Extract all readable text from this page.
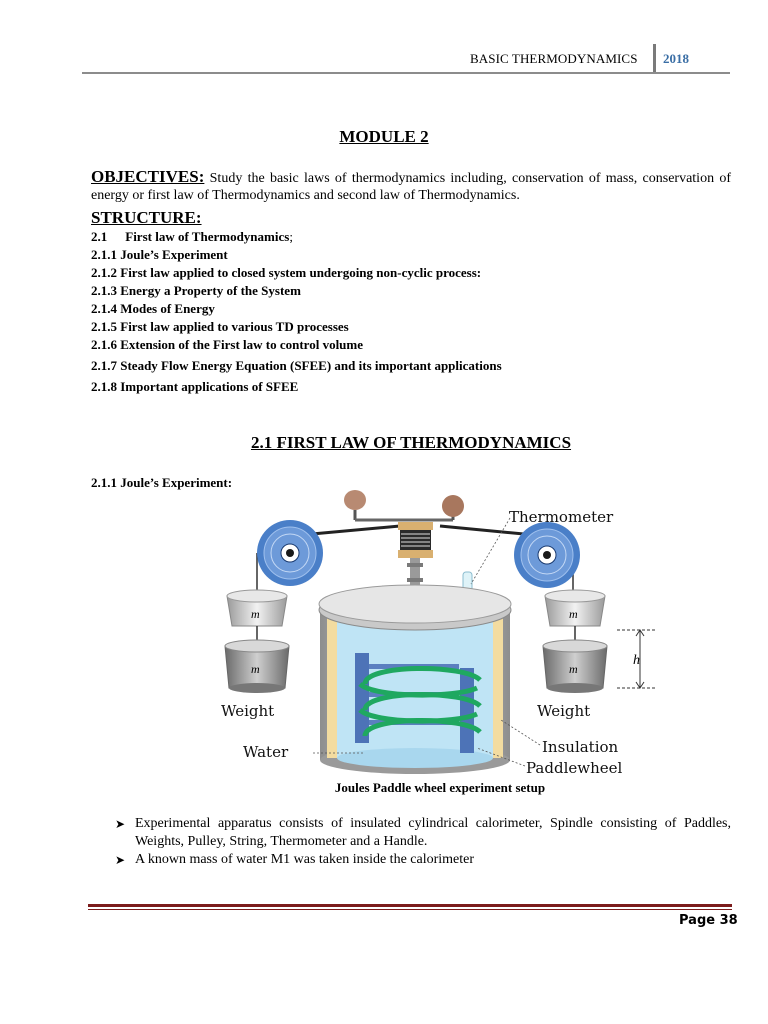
BASIC THERMODYNAMICS 2018
MODULE 2
OBJECTIVES: Study the basic laws of thermodynamics including, conservation of mass, conservation of energy or first law of Thermodynamics and second law of Thermodynamics.
STRUCTURE:
2.1 First law of Thermodynamics;
2.1.1 Joule’s Experiment
2.1.2 First law applied to closed system undergoing non-cyclic process:
2.1.3 Energy a Property of the System
2.1.4 Modes of Energy
2.1.5 First law applied to various TD processes
2.1.6 Extension of the First law to control volume
2.1.7 Steady Flow Energy Equation (SFEE) and its important applications
2.1.8 Important applications of SFEE
2.1 FIRST LAW OF THERMODYNAMICS
2.1.1 Joule’s Experiment:
m
m
m
m
h
Thermometer
Weight	Weight
Water	Insulation
Paddlewheel
Joules Paddle wheel experiment setup
➤ Experimental apparatus consists of insulated cylindrical calorimeter, Spindle consisting of Paddles, Weights, Pulley, String, Thermometer and a Handle.
➤ A known mass of water M1 was taken inside the calorimeter
Page 38
